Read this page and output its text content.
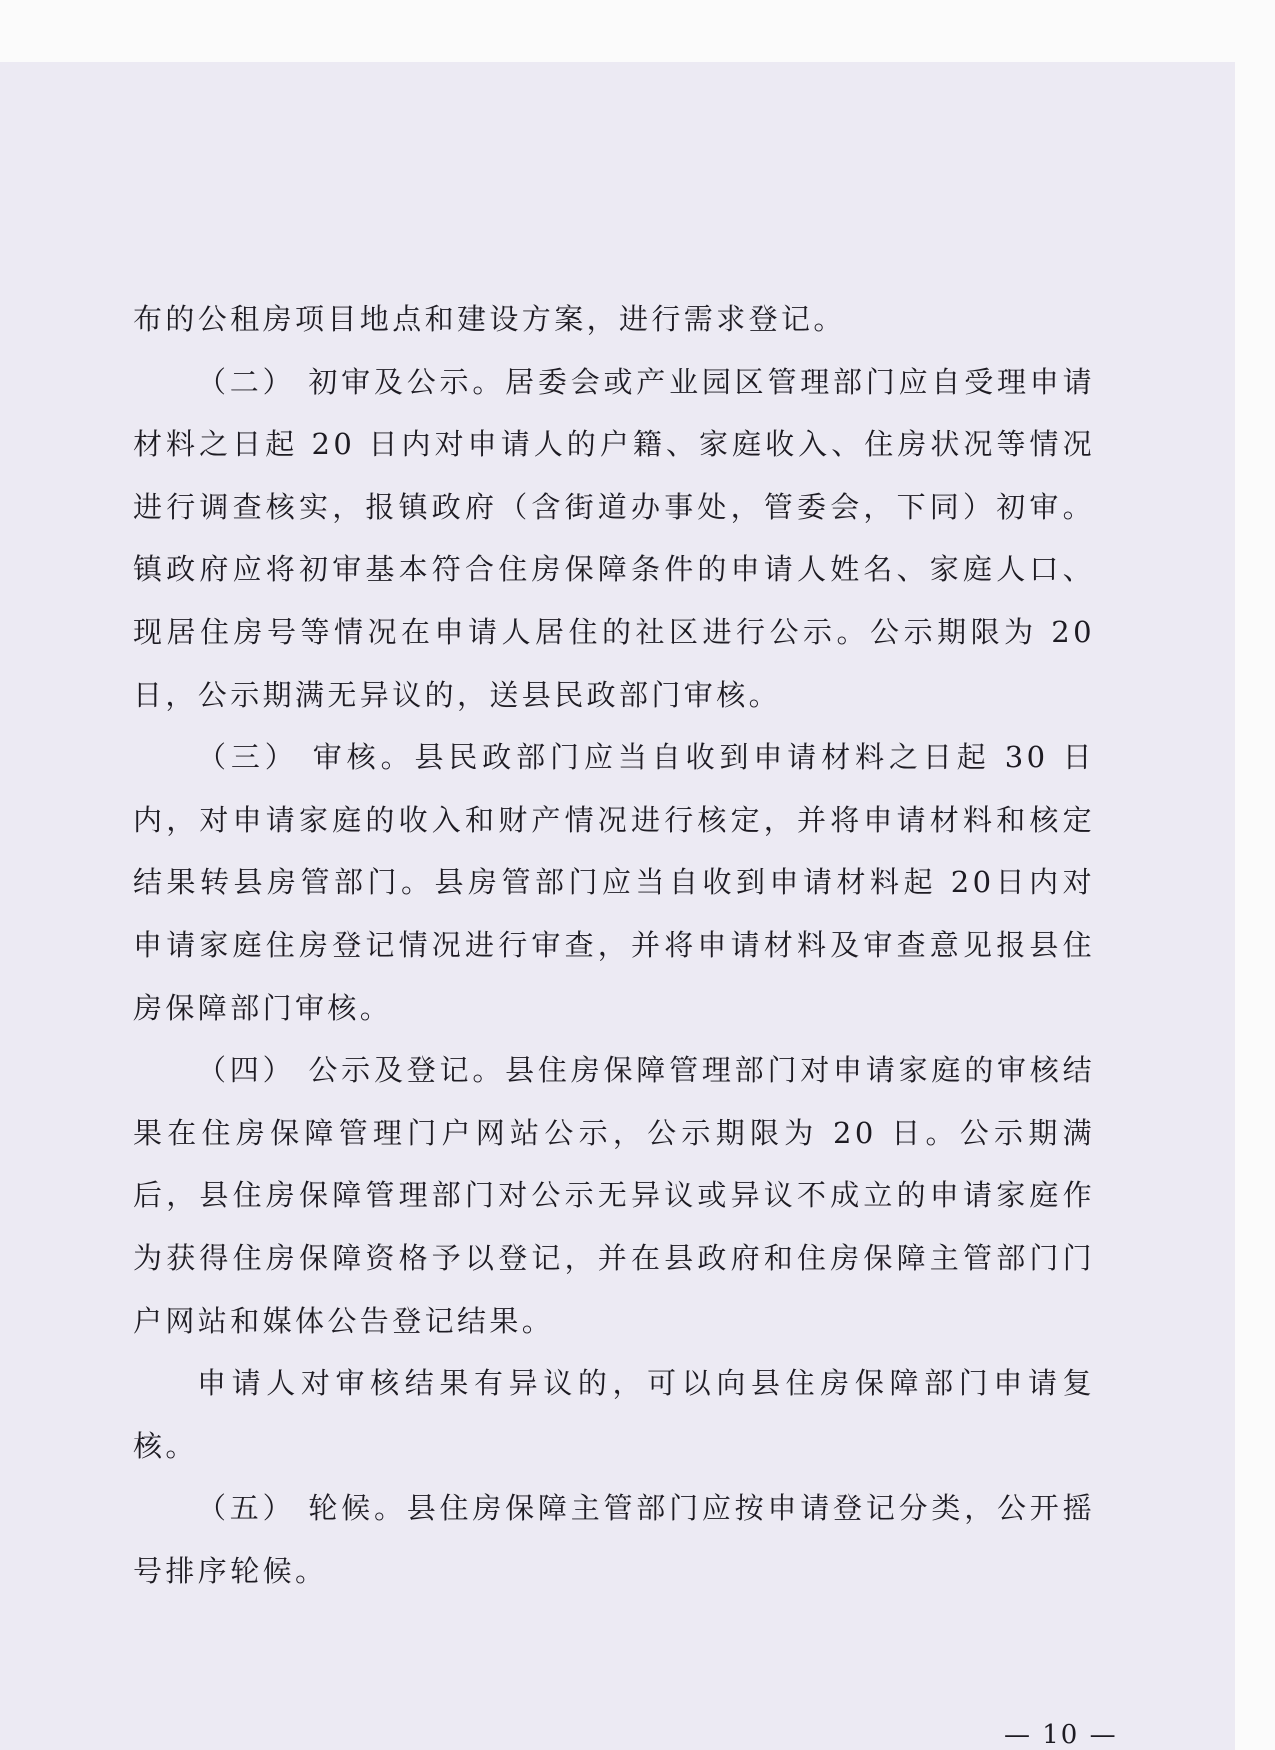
布的公租房项目地点和建设方案，进行需求登记。

（二） 初审及公示。居委会或产业园区管理部门应自受理申请材料之日起 20 日内对申请人的户籍、家庭收入、住房状况等情况进行调查核实，报镇政府（含街道办事处，管委会，下同）初审。镇政府应将初审基本符合住房保障条件的申请人姓名、家庭人口、现居住房号等情况在申请人居住的社区进行公示。公示期限为 20 日，公示期满无异议的，送县民政部门审核。

（三） 审核。县民政部门应当自收到申请材料之日起 30 日内，对申请家庭的收入和财产情况进行核定，并将申请材料和核定结果转县房管部门。县房管部门应当自收到申请材料起 20日内对申请家庭住房登记情况进行审查，并将申请材料及审查意见报县住房保障部门审核。

（四） 公示及登记。县住房保障管理部门对申请家庭的审核结果在住房保障管理门户网站公示，公示期限为 20 日。公示期满后，县住房保障管理部门对公示无异议或异议不成立的申请家庭作为获得住房保障资格予以登记，并在县政府和住房保障主管部门门户网站和媒体公告登记结果。

申请人对审核结果有异议的，可以向县住房保障部门申请复核。

（五） 轮候。县住房保障主管部门应按申请登记分类，公开摇号排序轮候。

— 10 —
